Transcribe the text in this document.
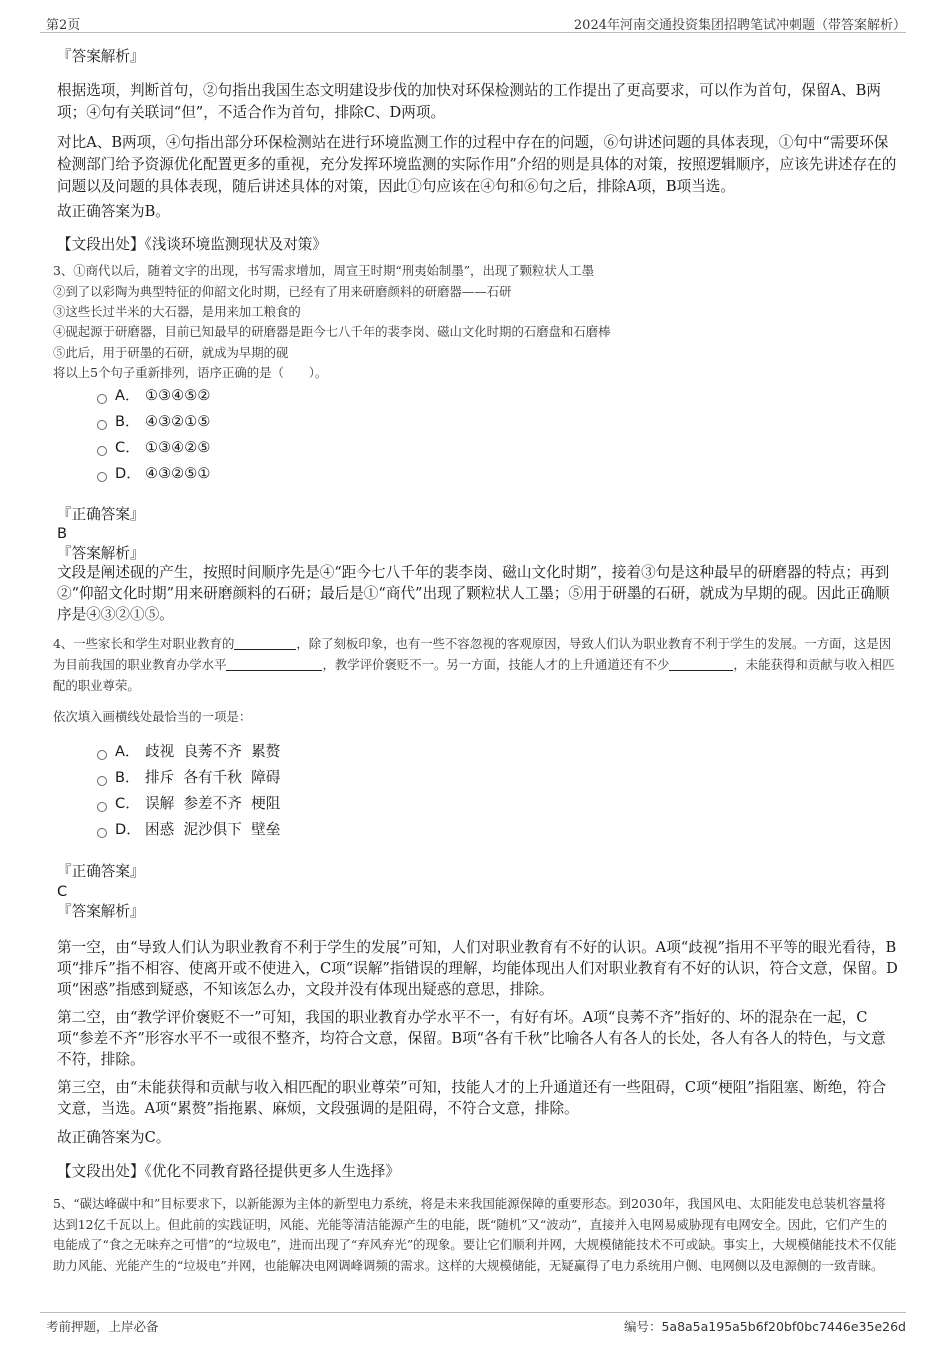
第2页	2024年河南交通投资集团招聘笔试冲刺题（带答案解析）

『答案解析』

根据选项，判断首句，②句指出我国生态文明建设步伐的加快对环保检测站的工作提出了更高要求，可以作为首句，保留A、B两项；④句有关联词“但”，不适合作为首句，排除C、D两项。

对比A、B两项，④句指出部分环保检测站在进行环境监测工作的过程中存在的问题，⑥句讲述问题的具体表现，①句中“需要环保检测部门给予资源优化配置更多的重视，充分发挥环境监测的实际作用”介绍的则是具体的对策，按照逻辑顺序，应该先讲述存在的问题以及问题的具体表现，随后讲述具体的对策，因此①句应该在④句和⑥句之后，排除A项，B项当选。

故正确答案为B。

【文段出处】《浅谈环境监测现状及对策》

3、①商代以后，随着文字的出现，书写需求增加，周宣王时期“刑夷始制墨”，出现了颗粒状人工墨

②到了以彩陶为典型特征的仰韶文化时期，已经有了用来研磨颜料的研磨器——石研

③这些长过半米的大石器，是用来加工粮食的

④砚起源于研磨器，目前已知最早的研磨器是距今七八千年的裴李岗、磁山文化时期的石磨盘和石磨棒

⑤此后，用于研墨的石研，就成为早期的砚

将以上5个句子重新排列，语序正确的是（　　）。

A． ①③④⑤②
B． ④③②①⑤
C． ①③④②⑤
D． ④③②⑤①

『正确答案』

B

『答案解析』

文段是阐述砚的产生，按照时间顺序先是④“距今七八千年的裴李岗、磁山文化时期”，接着③句是这种最早的研磨器的特点；再到②“仰韶文化时期”用来研磨颜料的石研；最后是①“商代”出现了颗粒状人工墨；⑤用于研墨的石研，就成为早期的砚。因此正确顺序是④③②①⑤。

4、一些家长和学生对职业教育的	，除了刻板印象，也有一些不容忽视的客观原因，导致人们认为职业教育不利于学生的发展。一方面，这是因为目前我国的职业教育办学水平	，教学评价褒贬不一。另一方面，技能人才的上升通道还有不少	，未能获得和贡献与收入相匹配的职业尊荣。

依次填入画横线处最恰当的一项是：

A． 歧视  良莠不齐  累赘
B． 排斥  各有千秋  障碍
C． 误解  参差不齐  梗阻
D． 困惑  泥沙俱下  壁垒

『正确答案』

C

『答案解析』

第一空，由“导致人们认为职业教育不利于学生的发展”可知，人们对职业教育有不好的认识。A项“歧视”指用不平等的眼光看待，B项“排斥”指不相容、使离开或不使进入，C项“误解”指错误的理解，均能体现出人们对职业教育有不好的认识，符合文意，保留。D项“困惑”指感到疑惑，不知该怎么办，文段并没有体现出疑惑的意思，排除。

第二空，由“教学评价褒贬不一”可知，我国的职业教育办学水平不一，有好有坏。A项“良莠不齐”指好的、坏的混杂在一起，C项“参差不齐”形容水平不一或很不整齐，均符合文意，保留。B项“各有千秋”比喻各人有各人的长处，各人有各人的特色，与文意不符，排除。

第三空，由“未能获得和贡献与收入相匹配的职业尊荣”可知，技能人才的上升通道还有一些阻碍，C项“梗阻”指阻塞、断绝，符合文意，当选。A项“累赘”指拖累、麻烦，文段强调的是阻碍，不符合文意，排除。

故正确答案为C。

【文段出处】《优化不同教育路径提供更多人生选择》

5、“碳达峰碳中和”目标要求下，以新能源为主体的新型电力系统，将是未来我国能源保障的重要形态。到2030年，我国风电、太阳能发电总装机容量将达到12亿千瓦以上。但此前的实践证明，风能、光能等清洁能源产生的电能，既“随机”又“波动”，直接并入电网易威胁现有电网安全。因此，它们产生的电能成了“食之无味弃之可惜”的“垃圾电”，进而出现了“弃风弃光”的现象。要让它们顺利并网，大规模储能技术不可或缺。事实上，大规模储能技术不仅能助力风能、光能产生的“垃圾电”并网，也能解决电网调峰调频的需求。这样的大规模储能，无疑赢得了电力系统用户侧、电网侧以及电源侧的一致青睐。

考前押题，上岸必备	编号：5a8a5a195a5b6f20bf0bc7446e35e26d
